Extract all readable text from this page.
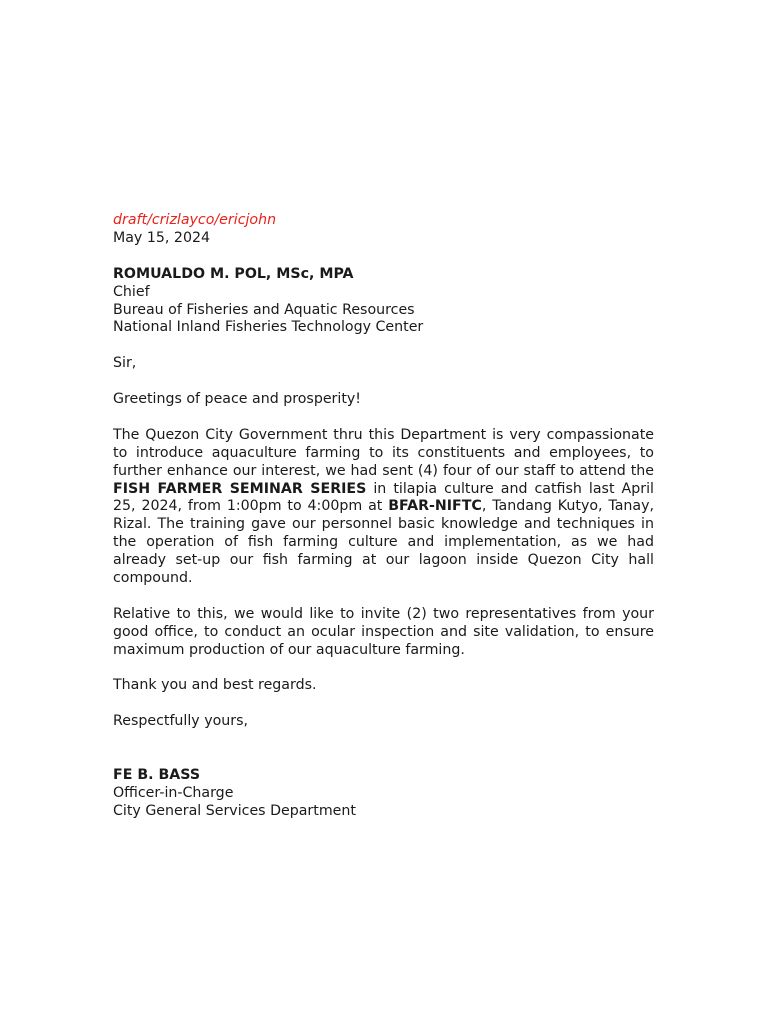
draft/crizlayco/ericjohn
May 15, 2024
ROMUALDO M. POL, MSc, MPA
Chief
Bureau of Fisheries and Aquatic Resources
National Inland Fisheries Technology Center
Sir,
Greetings of peace and prosperity!
The Quezon City Government thru this Department is very compassionate to introduce aquaculture farming to its constituents and employees, to further enhance our interest, we had sent (4) four of our staff to attend the FISH FARMER SEMINAR SERIES in tilapia culture and catfish last April 25, 2024, from 1:00pm to 4:00pm at BFAR-NIFTC, Tandang Kutyo, Tanay, Rizal. The training gave our personnel basic knowledge and techniques in the operation of fish farming culture and implementation, as we had already set-up our fish farming at our lagoon inside Quezon City hall compound.
Relative to this, we would like to invite (2) two representatives from your good office, to conduct an ocular inspection and site validation, to ensure maximum production of our aquaculture farming.
Thank you and best regards.
Respectfully yours,
FE B. BASS
Officer-in-Charge
City General Services Department
